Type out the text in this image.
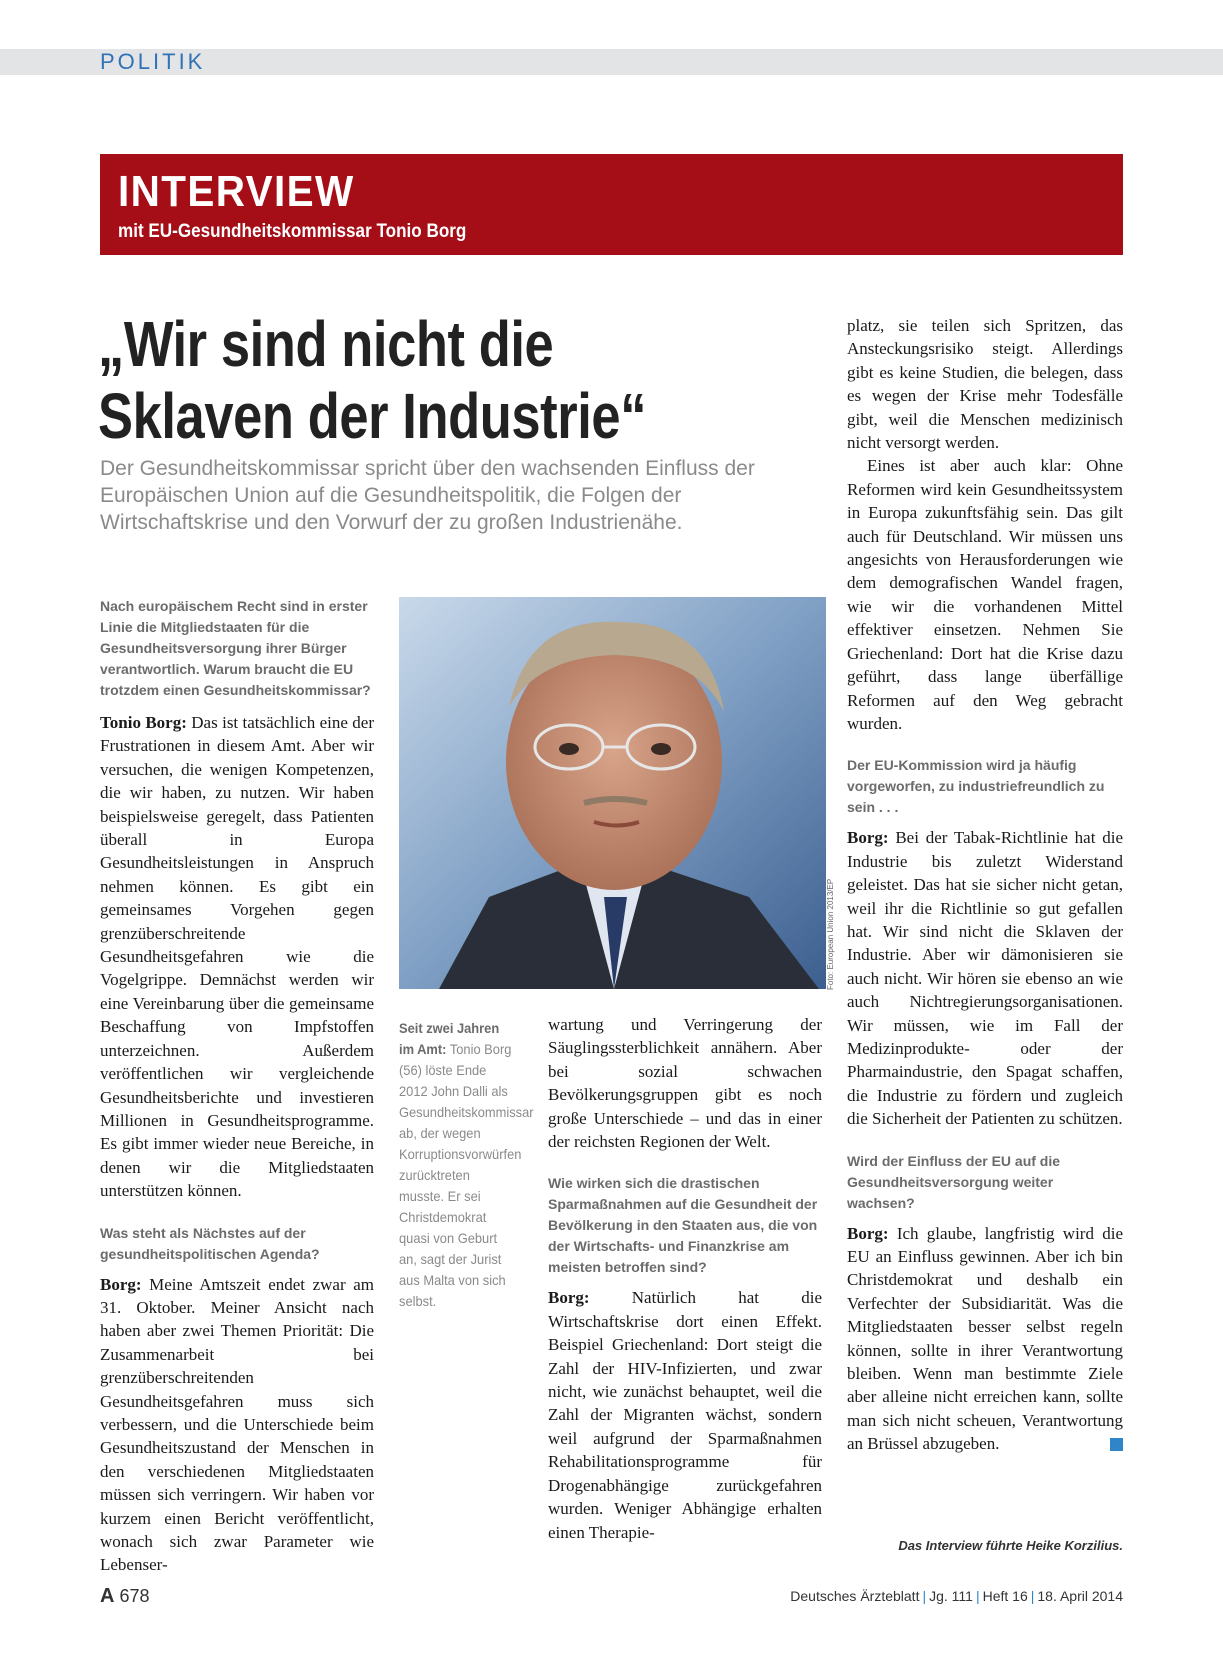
POLITIK
INTERVIEW
mit EU-Gesundheitskommissar Tonio Borg
„Wir sind nicht die Sklaven der Industrie“
Der Gesundheitskommissar spricht über den wachsenden Einfluss der Europäischen Union auf die Gesundheitspolitik, die Folgen der Wirtschaftskrise und den Vorwurf der zu großen Industrienähe.

Nach europäischem Recht sind in erster Linie die Mitgliedstaaten für die Gesundheitsversorgung ihrer Bürger verantwortlich. Warum braucht die EU trotzdem einen Gesundheitskommissar?

Tonio Borg: Das ist tatsächlich eine der Frustrationen in diesem Amt. Aber wir versuchen, die wenigen Kompetenzen, die wir haben, zu nutzen. Wir haben beispielsweise geregelt, dass Patienten überall in Europa Gesundheitsleistungen in Anspruch nehmen können. Es gibt ein gemeinsames Vorgehen gegen grenzüberschreitende Gesundheitsgefahren wie die Vogelgrippe. Demnächst werden wir eine Vereinbarung über die gemeinsame Beschaffung von Impfstoffen unterzeichnen. Außerdem veröffentlichen wir vergleichende Gesundheitsberichte und investieren Millionen in Gesundheitsprogramme. Es gibt immer wieder neue Bereiche, in denen wir die Mitgliedstaaten unterstützen können.

Was steht als Nächstes auf der gesundheitspolitischen Agenda?

Borg: Meine Amtszeit endet zwar am 31. Oktober. Meiner Ansicht nach haben aber zwei Themen Priorität: Die Zusammenarbeit bei grenzüberschreitenden Gesundheitsgefahren muss sich verbessern, und die Unterschiede beim Gesundheitszustand der Menschen in den verschiedenen Mitgliedstaaten müssen sich verringern. Wir haben vor kurzem einen Bericht veröffentlicht, wonach sich zwar Parameter wie Lebenser-

Foto: European Union 2013/EP
Seit zwei Jahren im Amt: Tonio Borg (56) löste Ende 2012 John Dalli als Gesundheitskommissar ab, der wegen Korruptionsvorwürfen zurücktreten musste. Er sei Christdemokrat quasi von Geburt an, sagt der Jurist aus Malta von sich selbst.

wartung und Verringerung der Säuglingssterblichkeit annähern. Aber bei sozial schwachen Bevölkerungsgruppen gibt es noch große Unterschiede – und das in einer der reichsten Regionen der Welt.

Wie wirken sich die drastischen Sparmaßnahmen auf die Gesundheit der Bevölkerung in den Staaten aus, die von der Wirtschafts- und Finanzkrise am meisten betroffen sind?

Borg: Natürlich hat die Wirtschaftskrise dort einen Effekt. Beispiel Griechenland: Dort steigt die Zahl der HIV-Infizierten, und zwar nicht, wie zunächst behauptet, weil die Zahl der Migranten wächst, sondern weil aufgrund der Sparmaßnahmen Rehabilitationsprogramme für Drogenabhängige zurückgefahren wurden. Weniger Abhängige erhalten einen Therapie-

platz, sie teilen sich Spritzen, das Ansteckungsrisiko steigt. Allerdings gibt es keine Studien, die belegen, dass es wegen der Krise mehr Todesfälle gibt, weil die Menschen medizinisch nicht versorgt werden.

Eines ist aber auch klar: Ohne Reformen wird kein Gesundheitssystem in Europa zukunftsfähig sein. Das gilt auch für Deutschland. Wir müssen uns angesichts von Herausforderungen wie dem demografischen Wandel fragen, wie wir die vorhandenen Mittel effektiver einsetzen. Nehmen Sie Griechenland: Dort hat die Krise dazu geführt, dass lange überfällige Reformen auf den Weg gebracht wurden.

Der EU-Kommission wird ja häufig vorgeworfen, zu industriefreundlich zu sein . . .

Borg: Bei der Tabak-Richtlinie hat die Industrie bis zuletzt Widerstand geleistet. Das hat sie sicher nicht getan, weil ihr die Richtlinie so gut gefallen hat. Wir sind nicht die Sklaven der Industrie. Aber wir dämonisieren sie auch nicht. Wir hören sie ebenso an wie auch Nichtregierungsorganisationen. Wir müssen, wie im Fall der Medizinprodukte- oder der Pharmaindustrie, den Spagat schaffen, die Industrie zu fördern und zugleich die Sicherheit der Patienten zu schützen.

Wird der Einfluss der EU auf die Gesundheitsversorgung weiter wachsen?

Borg: Ich glaube, langfristig wird die EU an Einfluss gewinnen. Aber ich bin Christdemokrat und deshalb ein Verfechter der Subsidiarität. Was die Mitgliedstaaten besser selbst regeln können, sollte in ihrer Verantwortung bleiben. Wenn man bestimmte Ziele aber alleine nicht erreichen kann, sollte man sich nicht scheuen, Verantwortung an Brüssel abzugeben.

Das Interview führte Heike Korzilius.
A 678	Deutsches Ärzteblatt | Jg. 111 | Heft 16 | 18. April 2014
